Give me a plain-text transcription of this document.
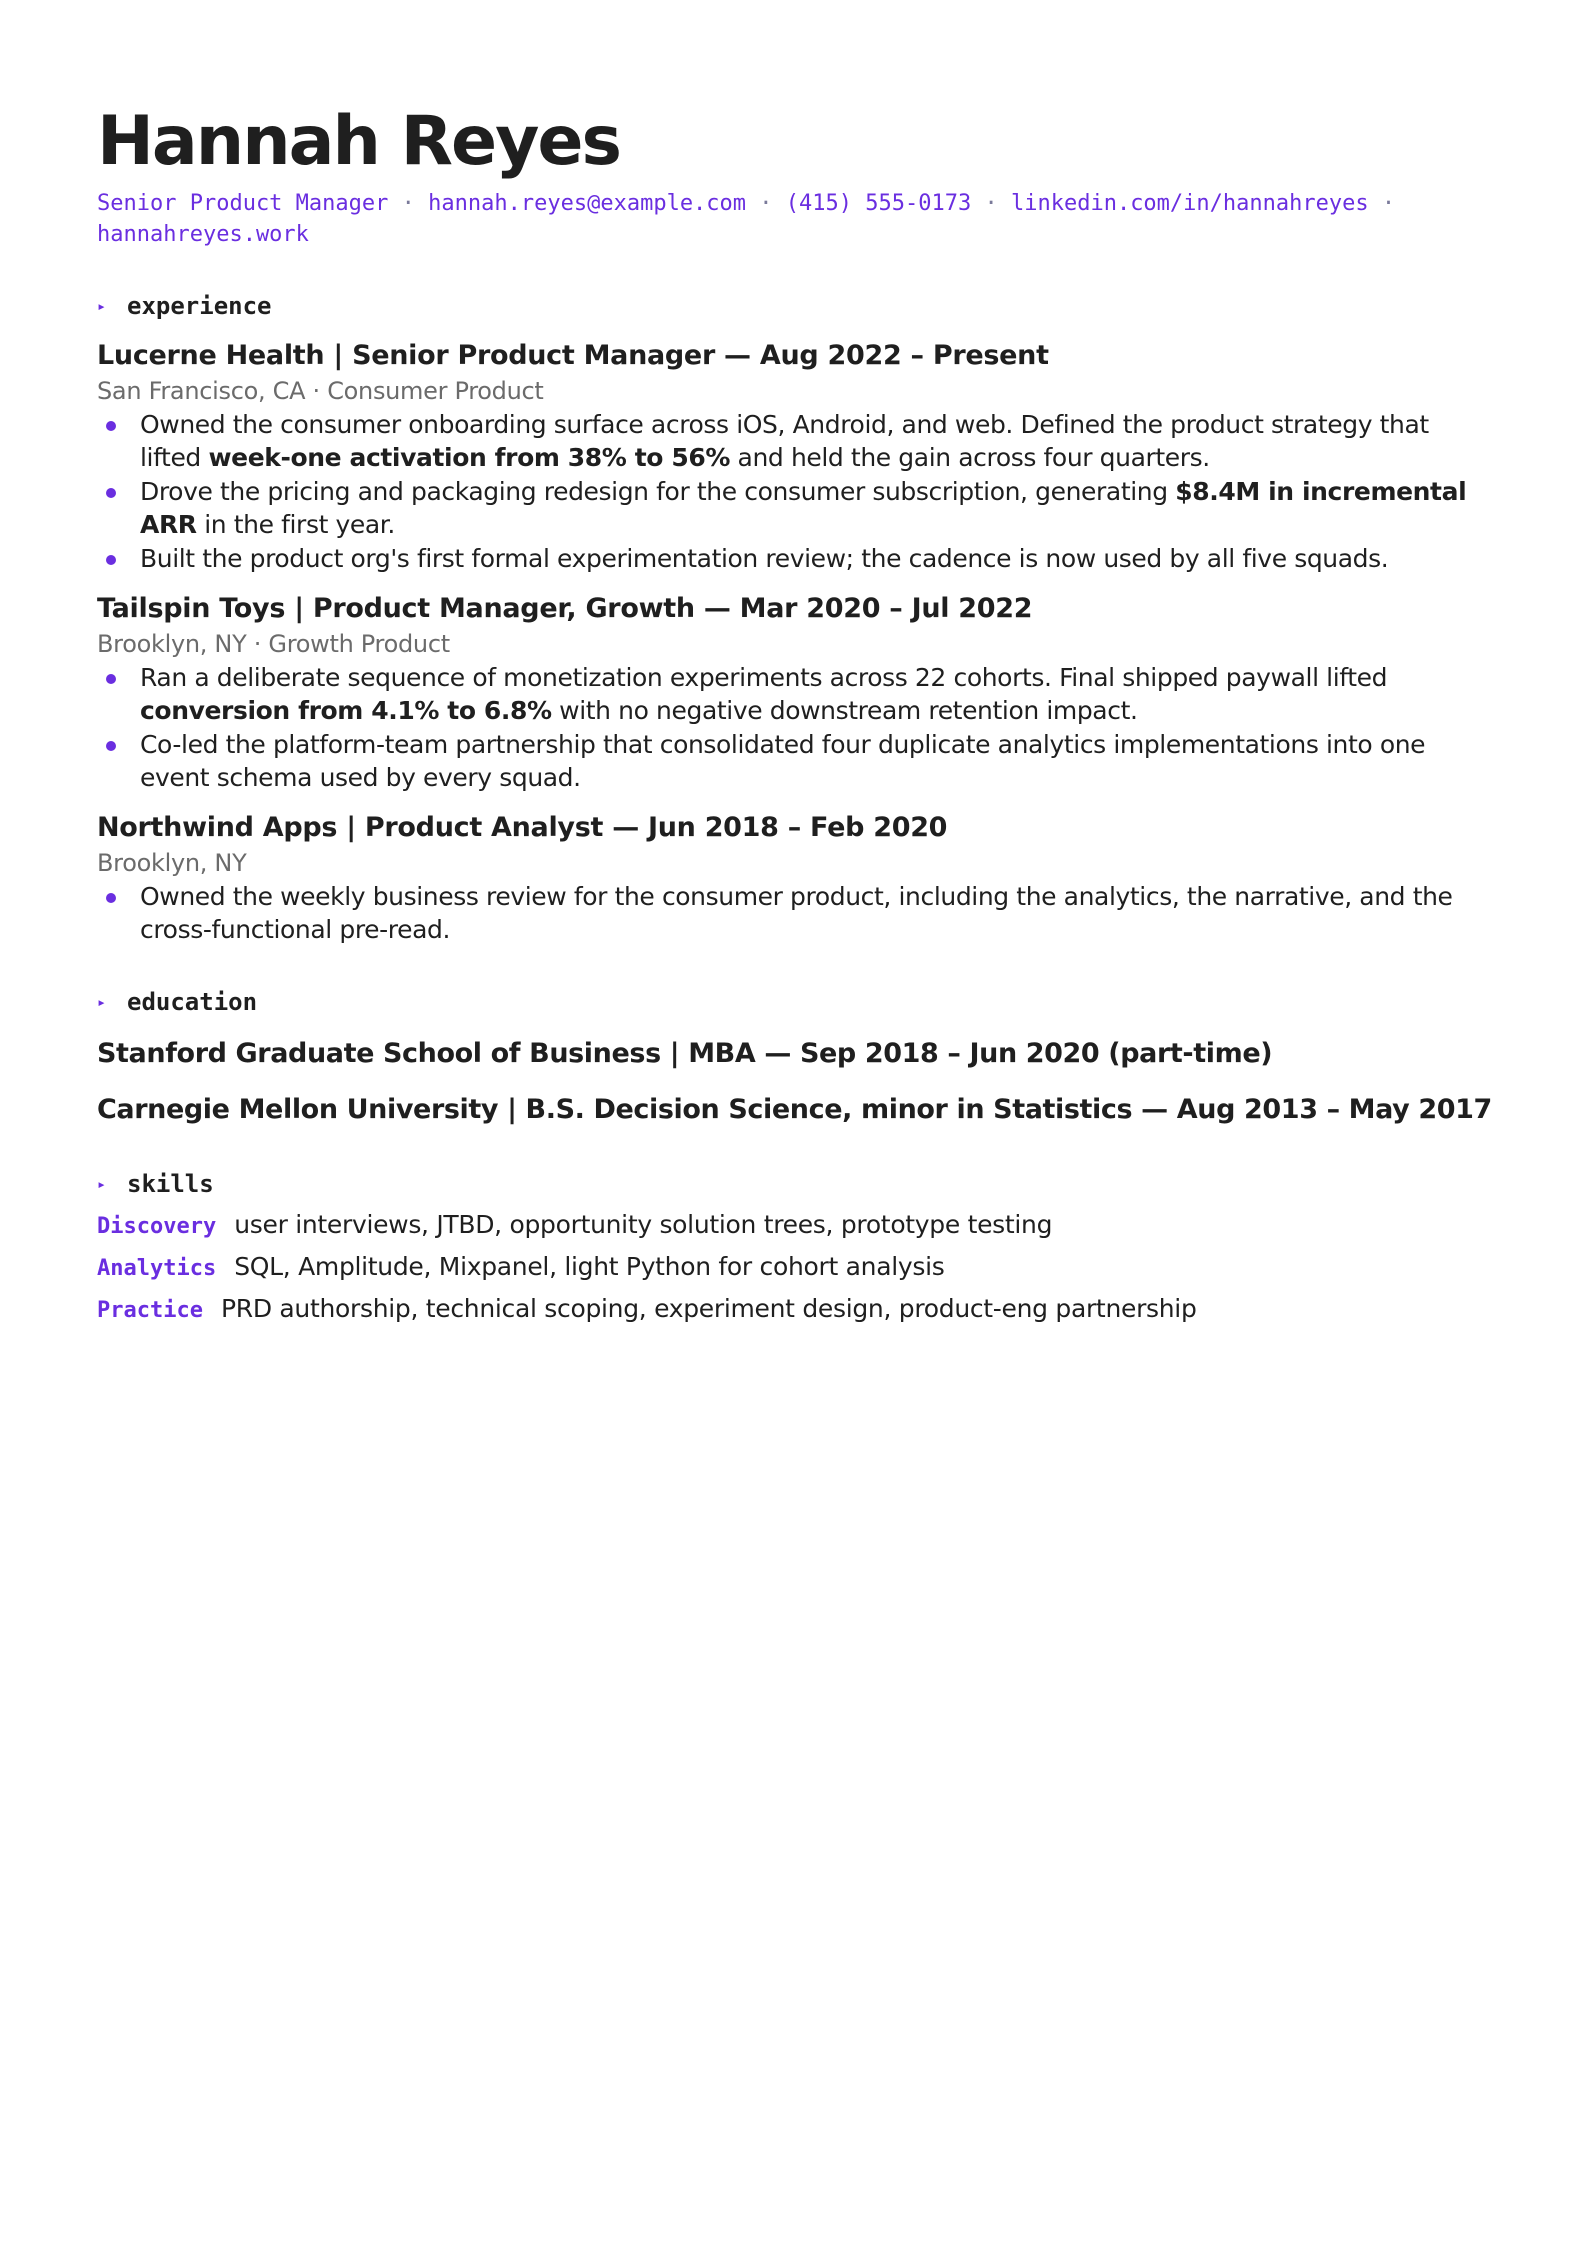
Hannah Reyes
Senior Product Manager · hannah.reyes@example.com · (415) 555-0173 · linkedin.com/in/hannahreyes · hannahreyes.work
▸ experience
Lucerne Health | Senior Product Manager — Aug 2022 – Present
San Francisco, CA · Consumer Product
Owned the consumer onboarding surface across iOS, Android, and web. Defined the product strategy that lifted week-one activation from 38% to 56% and held the gain across four quarters.
Drove the pricing and packaging redesign for the consumer subscription, generating $8.4M in incremental ARR in the first year.
Built the product org's first formal experimentation review; the cadence is now used by all five squads.
Tailspin Toys | Product Manager, Growth — Mar 2020 – Jul 2022
Brooklyn, NY · Growth Product
Ran a deliberate sequence of monetization experiments across 22 cohorts. Final shipped paywall lifted conversion from 4.1% to 6.8% with no negative downstream retention impact.
Co-led the platform-team partnership that consolidated four duplicate analytics implementations into one event schema used by every squad.
Northwind Apps | Product Analyst — Jun 2018 – Feb 2020
Brooklyn, NY
Owned the weekly business review for the consumer product, including the analytics, the narrative, and the cross-functional pre-read.
▸ education
Stanford Graduate School of Business | MBA — Sep 2018 – Jun 2020 (part-time)
Carnegie Mellon University | B.S. Decision Science, minor in Statistics — Aug 2013 – May 2017
▸ skills
Discovery user interviews, JTBD, opportunity solution trees, prototype testing
Analytics SQL, Amplitude, Mixpanel, light Python for cohort analysis
Practice PRD authorship, technical scoping, experiment design, product-eng partnership
